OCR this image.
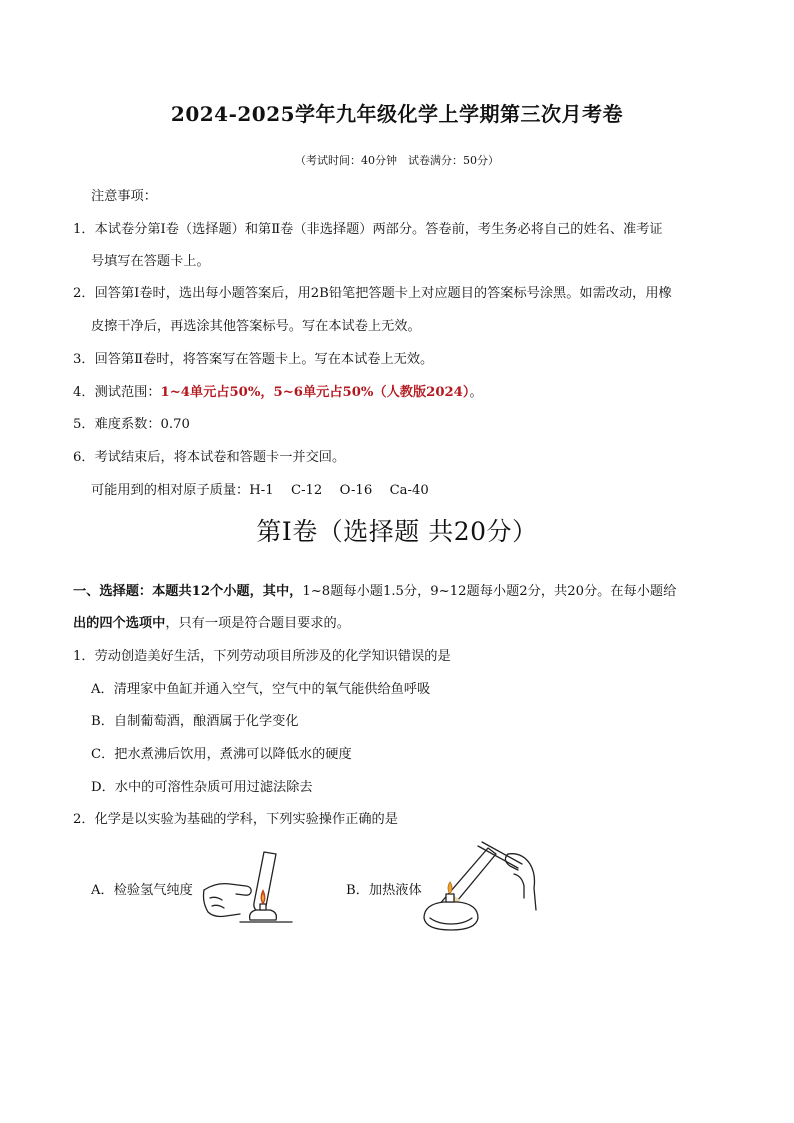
2024-2025学年九年级化学上学期第三次月考卷
（考试时间：40分钟　试卷满分：50分）
注意事项：
1．本试卷分第Ⅰ卷（选择题）和第Ⅱ卷（非选择题）两部分。答卷前，考生务必将自己的姓名、准考证
号填写在答题卡上。
2．回答第Ⅰ卷时，选出每小题答案后，用2B铅笔把答题卡上对应题目的答案标号涂黑。如需改动，用橡
皮擦干净后，再选涂其他答案标号。写在本试卷上无效。
3．回答第Ⅱ卷时，将答案写在答题卡上。写在本试卷上无效。
4．测试范围：1~4单元占50%，5~6单元占50%（人教版2024）。
5．难度系数：0.70
6．考试结束后，将本试卷和答题卡一并交回。
可能用到的相对原子质量：H-1　 C-12　 O-16　 Ca-40
第Ⅰ卷（选择题 共20分）
一、选择题：本题共12个小题，其中，1~8题每小题1.5分，9~12题每小题2分，共20分。在每小题给
出的四个选项中，只有一项是符合题目要求的。
1．劳动创造美好生活，下列劳动项目所涉及的化学知识错误的是
A．清理家中鱼缸并通入空气，空气中的氧气能供给鱼呼吸
B．自制葡萄酒，酿酒属于化学变化
C．把水煮沸后饮用，煮沸可以降低水的硬度
D．水中的可溶性杂质可用过滤法除去
2．化学是以实验为基础的学科，下列实验操作正确的是
A．检验氢气纯度	B．加热液体
